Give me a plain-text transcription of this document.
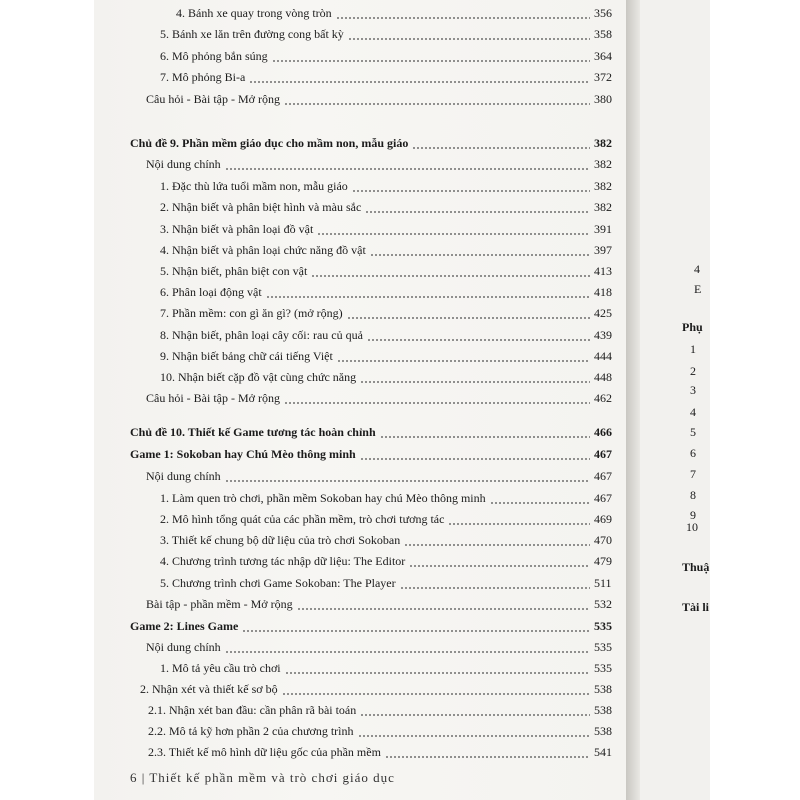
4. Bánh xe quay trong vòng tròn	356
5. Bánh xe lăn trên đường cong bất kỳ	358
6. Mô phỏng bắn súng	364
7. Mô phỏng Bi-a	372
Câu hỏi - Bài tập - Mở rộng	380
Chủ đề 9. Phần mềm giáo dục cho mầm non, mẫu giáo	382
Nội dung chính	382
1. Đặc thù lứa tuổi mầm non, mẫu giáo	382
2. Nhận biết và phân biệt hình và màu sắc	382
3. Nhận biết và phân loại đồ vật	391
4. Nhận biết và phân loại chức năng đồ vật	397
5. Nhận biết, phân biệt con vật	413
6. Phân loại động vật	418
7. Phần mềm: con gì ăn gì? (mở rộng)	425
8. Nhận biết, phân loại cây cối: rau củ quả	439
9. Nhận biết bảng chữ cái tiếng Việt	444
10. Nhận biết cặp đồ vật cùng chức năng	448
Câu hỏi - Bài tập - Mở rộng	462
Chủ đề 10. Thiết kế Game tương tác hoàn chỉnh	466
Game 1: Sokoban hay Chú Mèo thông minh	467
Nội dung chính	467
1. Làm quen trò chơi, phần mềm Sokoban hay chú Mèo thông minh	467
2. Mô hình tổng quát của các phần mềm, trò chơi tương tác	469
3. Thiết kế chung bộ dữ liệu của trò chơi Sokoban	470
4. Chương trình tương tác nhập dữ liệu: The Editor	479
5. Chương trình chơi Game Sokoban: The Player	511
Bài tập - phần mềm - Mở rộng	532
Game 2: Lines Game	535
Nội dung chính	535
1. Mô tả yêu cầu trò chơi	535
2. Nhận xét và thiết kế sơ bộ	538
2.1. Nhận xét ban đầu: cần phân rã bài toán	538
2.2. Mô tả kỹ hơn phần 2 của chương trình	538
2.3. Thiết kế mô hình dữ liệu gốc của phần mềm	541
4
E
Phụ
1
2
3
4
5
6
7
8
9
10
Thuậ
Tài li
6 | Thiết kế phần mềm và trò chơi giáo dục
